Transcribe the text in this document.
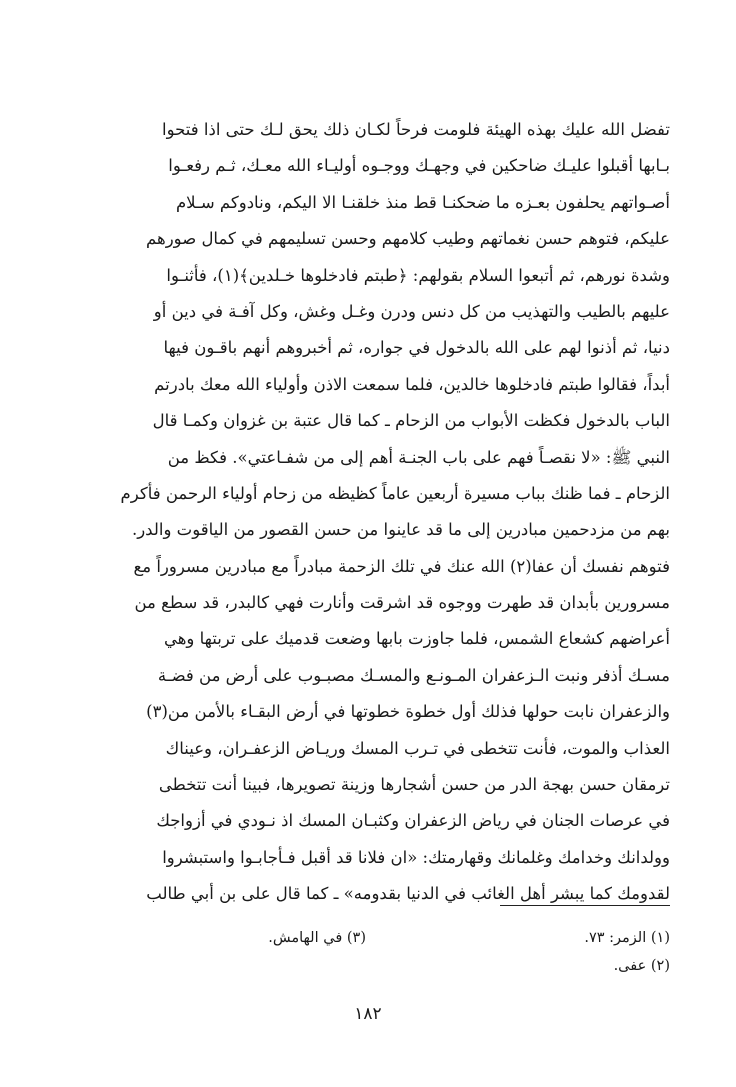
تفضل الله عليك بهذه الهيئة فلومت فرحاً لكـان ذلك يحق لـك حتى اذا فتحوا
بـابها أقبلوا عليـك ضاحكين في وجهـك ووجـوه أوليـاء الله معـك، ثـم رفعـوا
أصـواتهم يحلفون بعـزه ما ضحكنـا قط منذ خلقنـا الا اليكم، ونادوكم سـلام
عليكم، فتوهم حسن نغماتهم وطيب كلامهم وحسن تسليمهم في كمال صورهم
وشدة نورهم، ثم أتبعوا السلام بقولهم: ﴿طبتم فادخلوها خـلدين﴾(١)، فأثنـوا
عليهم بالطيب والتهذيب من كل دنس ودرن وغـل وغش، وكل آفـة في دين أو
دنيا، ثم أذنوا لهم على الله بالدخول في جواره، ثم أخبروهم أنهم باقـون فيها
أبداً، فقالوا طبتم فادخلوها خالدين، فلما سمعت الاذن وأولياء الله معك بادرتم
الباب بالدخول فكظت الأبواب من الزحام ـ كما قال عتبة بن غزوان وكمـا قال
النبي ﷺ: «لا نقصـاً فهم على باب الجنـة أهم إلى من شفـاعتي». فكظ من
الزحام ـ فما ظنك بباب مسيرة أربعين عاماً كظيظه من زحام أولياء الرحمن فأكرم
بهم من مزدحمين مبادرين إلى ما قد عاينوا من حسن القصور من الياقوت والدر.
فتوهم نفسك أن عفا(٢) الله عنك في تلك الزحمة مبادراً مع مبادرين مسروراً مع
مسرورين بأبدان قد طهرت ووجوه قد اشرقت وأنارت فهي كالبدر، قد سطع من
أعراضهم كشعاع الشمس، فلما جاوزت بابها وضعت قدميك على تربتها وهي
مسـك أذفر ونبت الـزعفران المـونـع والمسـك مصبـوب على أرض من فضـة
والزعفران نابت حولها فذلك أول خطوة خطوتها في أرض البقـاء بالأمن من(٣)
العذاب والموت، فأنت تتخطى في تـرب المسك وريـاض الزعفـران، وعيناك
ترمقان حسن بهجة الدر من حسن أشجارها وزينة تصويرها، فبينا أنت تتخطى
في عرصات الجنان في رياض الزعفران وكثبـان المسك اذ نـودي في أزواجك
وولدانك وخدامك وغلمانك وقهارمتك: «ان فلانا قد أقبل فـأجابـوا واستبشروا
لقدومك كما يبشر أهل الغائب في الدنيا بقدومه» ـ كما قال على بن أبي طالب
(١) الزمر: ٧٣.
(٢) عفى.
(٣) في الهامش.
١٨٢
